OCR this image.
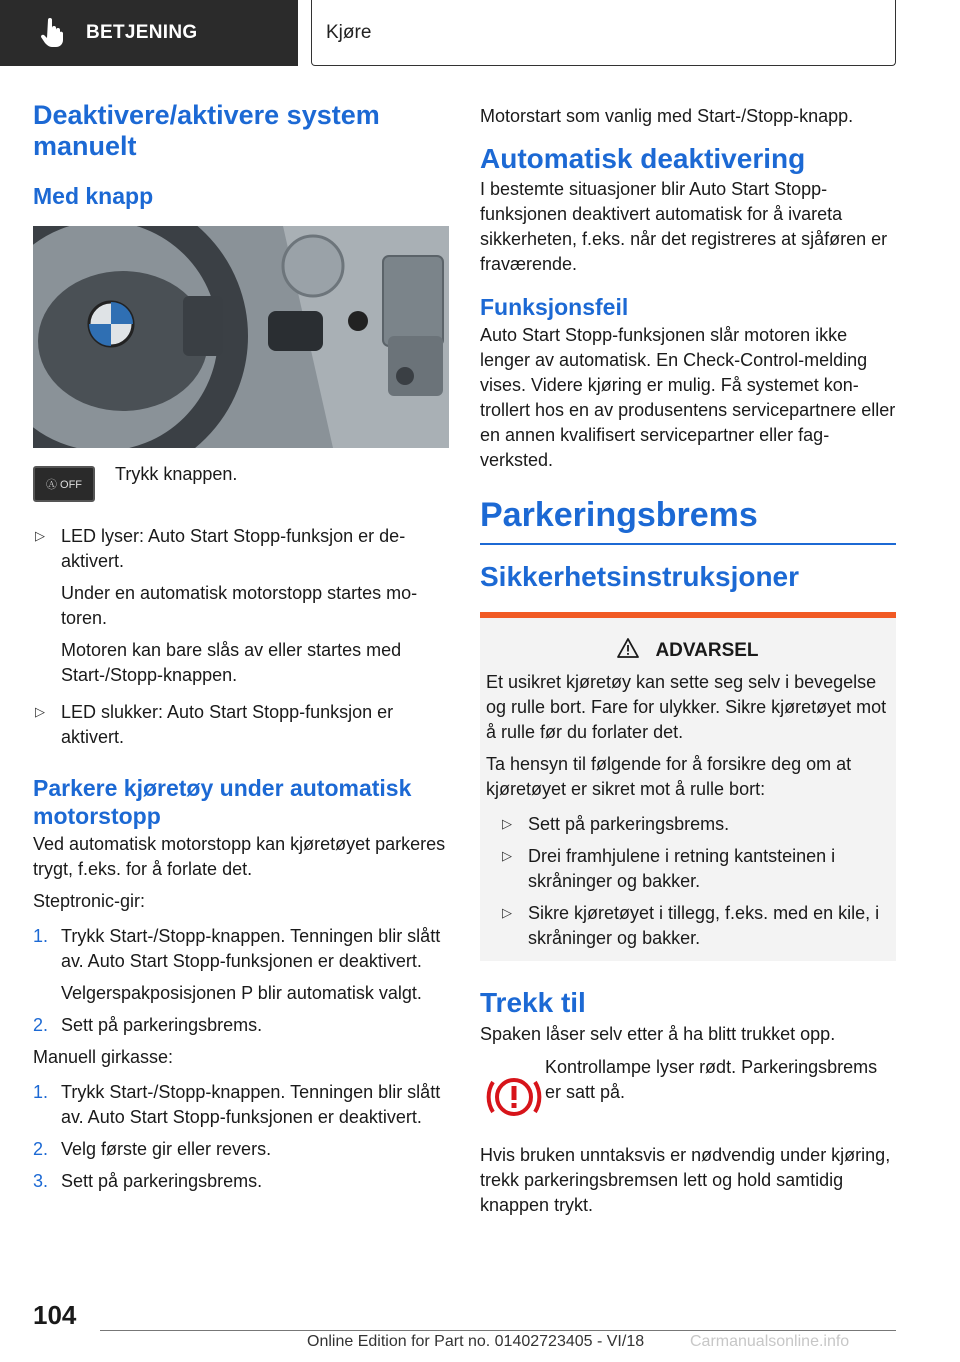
BETJENING	Kjøre
Deaktivere/aktivere system manuelt
Med knapp
Ⓐ OFF

Trykk knappen.

▷ LED lyser: Auto Start Stopp-funksjon er deaktivert.

Under en automatisk motorstopp startes motoren.

Motoren kan bare slås av eller startes med Start-/Stopp-knappen.

▷ LED slukker: Auto Start Stopp-funksjon er aktivert.

Parkere kjøretøy under automatisk motorstopp

Ved automatisk motorstopp kan kjøretøyet parkeres trygt, f.eks. for å forlate det.

Steptronic-gir:

1. Trykk Start-/Stopp-knappen. Tenningen blir slått av. Auto Start Stopp-funksjonen er deaktivert.

Velgerspakposisjonen P blir automatisk valgt.

2. Sett på parkeringsbrems.

Manuell girkasse:

1. Trykk Start-/Stopp-knappen. Tenningen blir slått av. Auto Start Stopp-funksjonen er deaktivert.

2. Velg første gir eller revers.

3. Sett på parkeringsbrems.

Motorstart som vanlig med Start-/Stopp-knapp.

Automatisk deaktivering

I bestemte situasjoner blir Auto Start Stopp-funksjonen deaktivert automatisk for å ivareta sikkerheten, f.eks. når det registreres at sjåføren er fraværende.

Funksjonsfeil

Auto Start Stopp-funksjonen slår motoren ikke lenger av automatisk. En Check-Control-melding vises. Videre kjøring er mulig. Få systemet kontrollert hos en av produsentens servicepartnere eller en annen kvalifisert servicepartner eller fagverksted.

Parkeringsbrems
Sikkerhetsinstruksjoner
ADVARSEL

Et usikret kjøretøy kan sette seg selv i bevegelse og rulle bort. Fare for ulykker. Sikre kjøretøyet mot å rulle før du forlater det.

Ta hensyn til følgende for å forsikre deg om at kjøretøyet er sikret mot å rulle bort:

▷ Sett på parkeringsbrems.

▷ Drei framhjulene i retning kantsteinen i skråninger og bakker.

▷ Sikre kjøretøyet i tillegg, f.eks. med en kile, i skråninger og bakker.

Trekk til

Spaken låser selv etter å ha blitt trukket opp.

Kontrollampe lyser rødt. Parkeringsbrems er satt på.

Hvis bruken unntaksvis er nødvendig under kjøring, trekk parkeringsbremsen lett og hold samtidig knappen trykt.

104
Online Edition for Part no. 01402723405 - VI/18	Carmanualsonline.info
